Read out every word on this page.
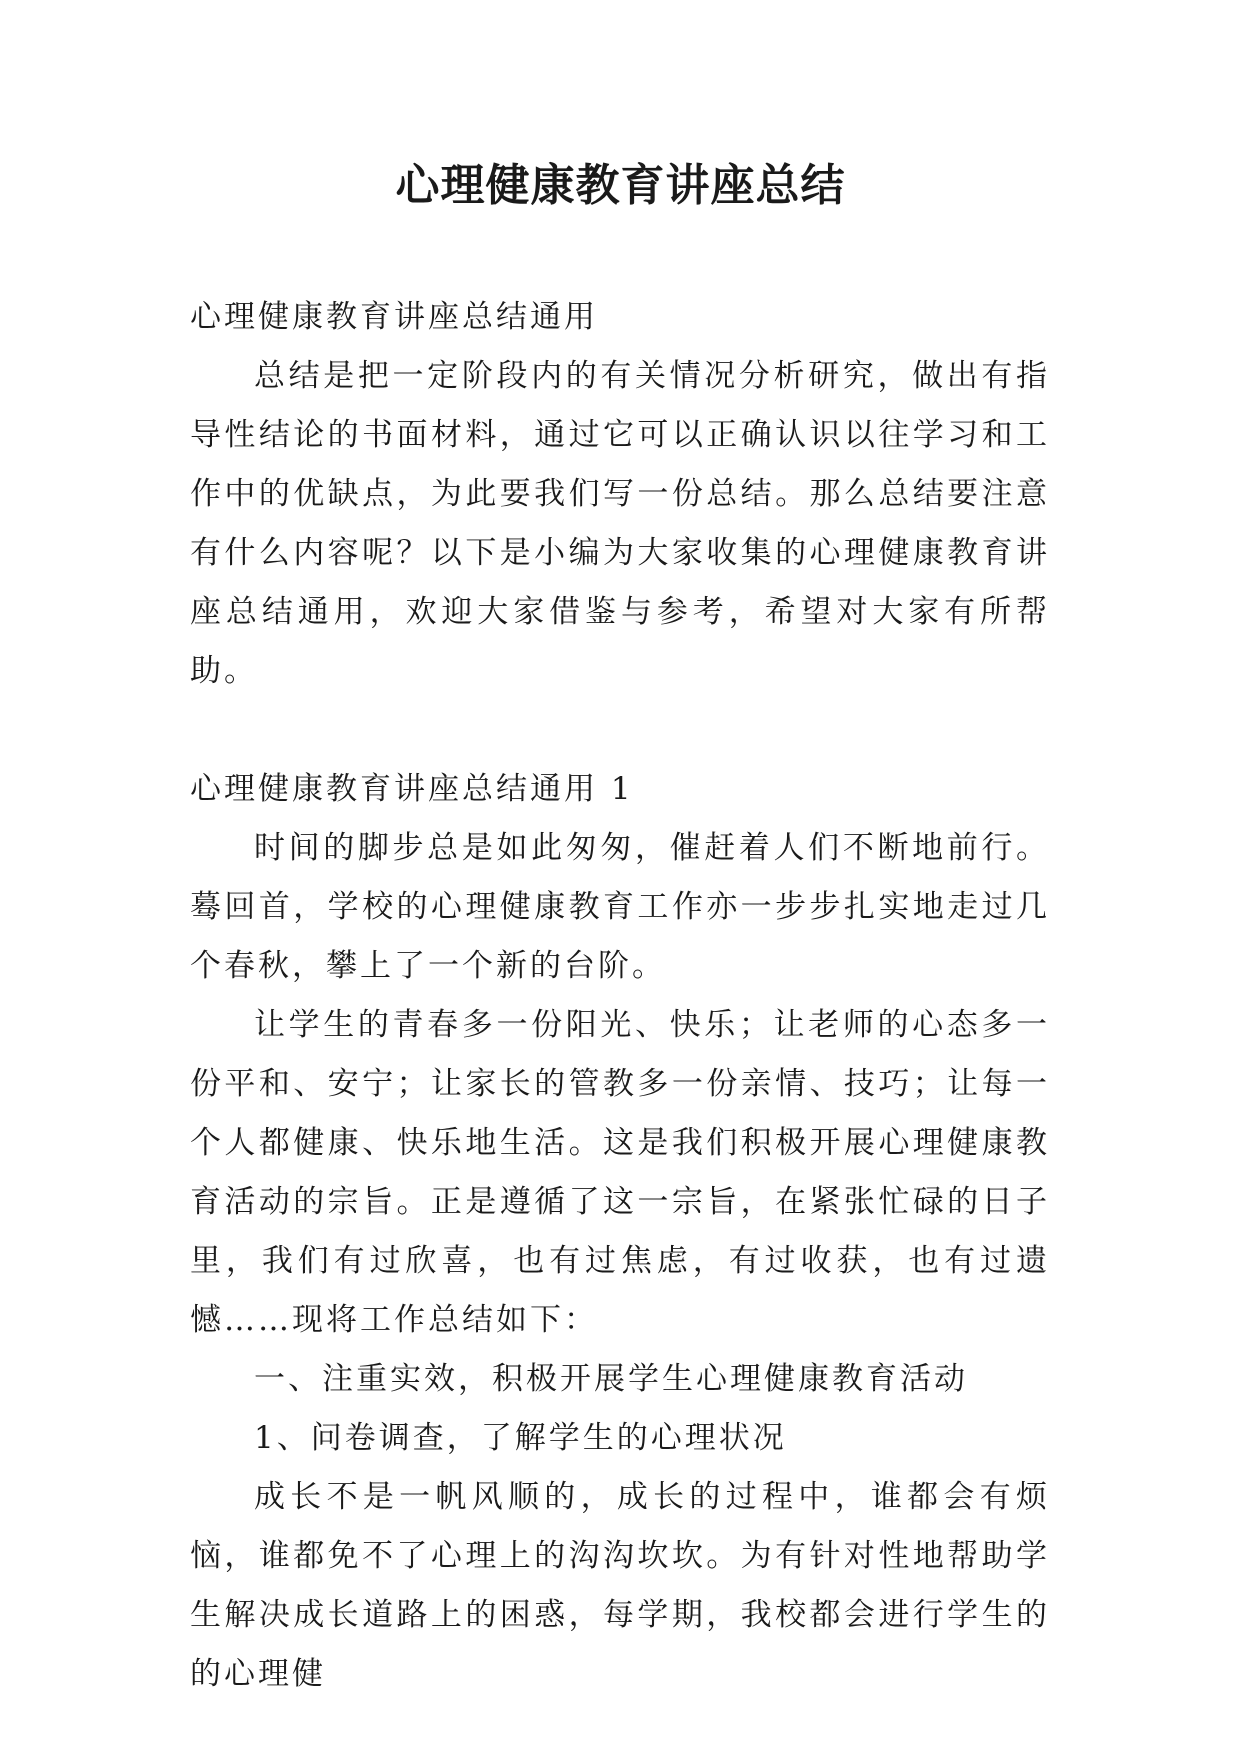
心理健康教育讲座总结

心理健康教育讲座总结通用

总结是把一定阶段内的有关情况分析研究，做出有指导性结论的书面材料，通过它可以正确认识以往学习和工作中的优缺点，为此要我们写一份总结。那么总结要注意有什么内容呢？以下是小编为大家收集的心理健康教育讲座总结通用，欢迎大家借鉴与参考，希望对大家有所帮助。

心理健康教育讲座总结通用 1

时间的脚步总是如此匆匆，催赶着人们不断地前行。蓦回首，学校的心理健康教育工作亦一步步扎实地走过几个春秋，攀上了一个新的台阶。

让学生的青春多一份阳光、快乐；让老师的心态多一份平和、安宁；让家长的管教多一份亲情、技巧；让每一个人都健康、快乐地生活。这是我们积极开展心理健康教育活动的宗旨。正是遵循了这一宗旨，在紧张忙碌的日子里，我们有过欣喜，也有过焦虑，有过收获，也有过遗憾……现将工作总结如下：

一、注重实效，积极开展学生心理健康教育活动

1、问卷调查，了解学生的心理状况

成长不是一帆风顺的，成长的过程中，谁都会有烦恼，谁都免不了心理上的沟沟坎坎。为有针对性地帮助学生解决成长道路上的困惑，每学期，我校都会进行学生的的心理健
